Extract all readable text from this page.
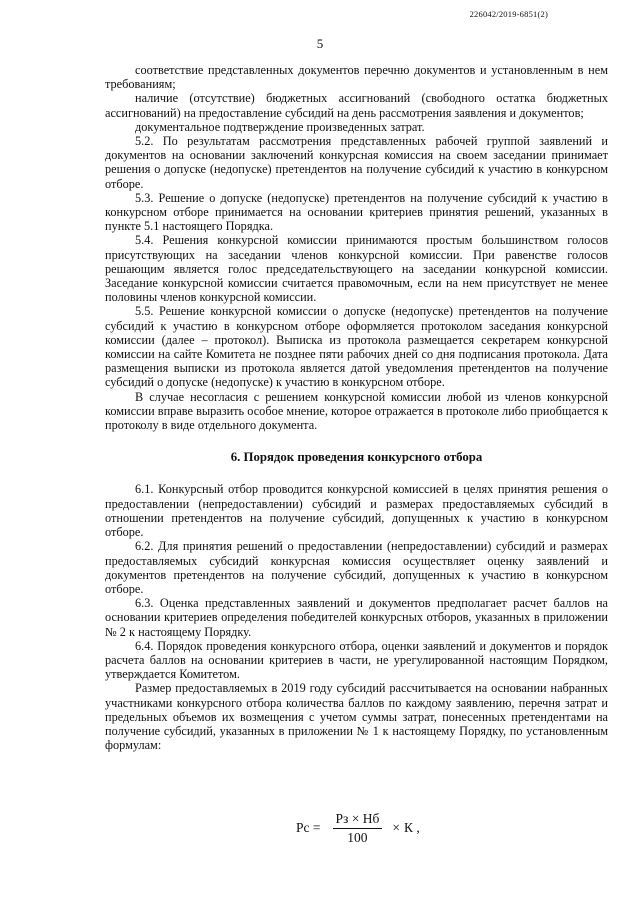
226042/2019-6851(2)
5

соответствие представленных документов перечню документов и установленным в нем требованиям;

наличие (отсутствие) бюджетных ассигнований (свободного остатка бюджетных ассигнований) на предоставление субсидий на день рассмотрения заявления и документов;

документальное подтверждение произведенных затрат.

5.2. По результатам рассмотрения представленных рабочей группой заявлений и документов на основании заключений конкурсная комиссия на своем заседании принимает решения о допуске (недопуске) претендентов на получение субсидий к участию в конкурсном отборе.

5.3. Решение о допуске (недопуске) претендентов на получение субсидий к участию в конкурсном отборе принимается на основании критериев принятия решений, указанных в пункте 5.1 настоящего Порядка.

5.4. Решения конкурсной комиссии принимаются простым большинством голосов присутствующих на заседании членов конкурсной комиссии. При равенстве голосов решающим является голос председательствующего на заседании конкурсной комиссии. Заседание конкурсной комиссии считается правомочным, если на нем присутствует не менее половины членов конкурсной комиссии.

5.5. Решение конкурсной комиссии о допуске (недопуске) претендентов на получение субсидий к участию в конкурсном отборе оформляется протоколом заседания конкурсной комиссии (далее – протокол). Выписка из протокола размещается секретарем конкурсной комиссии на сайте Комитета не позднее пяти рабочих дней со дня подписания протокола. Дата размещения выписки из протокола является датой уведомления претендентов на получение субсидий о допуске (недопуске) к участию в конкурсном отборе.

В случае несогласия с решением конкурсной комиссии любой из членов конкурсной комиссии вправе выразить особое мнение, которое отражается в протоколе либо приобщается к протоколу в виде отдельного документа.

6. Порядок проведения конкурсного отбора

6.1. Конкурсный отбор проводится конкурсной комиссией в целях принятия решения о предоставлении (непредоставлении) субсидий и размерах предоставляемых субсидий в отношении претендентов на получение субсидий, допущенных к участию в конкурсном отборе.

6.2. Для принятия решений о предоставлении (непредоставлении) субсидий и размерах предоставляемых субсидий конкурсная комиссия осуществляет оценку заявлений и документов претендентов на получение субсидий, допущенных к участию в конкурсном отборе.

6.3. Оценка представленных заявлений и документов предполагает расчет баллов на основании критериев определения победителей конкурсных отборов, указанных в приложении № 2 к настоящему Порядку.

6.4. Порядок проведения конкурсного отбора, оценки заявлений и документов и порядок расчета баллов на основании критериев в части, не урегулированной настоящим Порядком, утверждается Комитетом.

Размер предоставляемых в 2019 году субсидий рассчитывается на основании набранных участниками конкурсного отбора количества баллов по каждому заявлению, перечня затрат и предельных объемов их возмещения с учетом суммы затрат, понесенных претендентами на получение субсидий, указанных в приложении № 1 к настоящему Порядку, по установленным формулам:

Рс = $\frac{Рз \times Нб}{100} \times К$ ,
